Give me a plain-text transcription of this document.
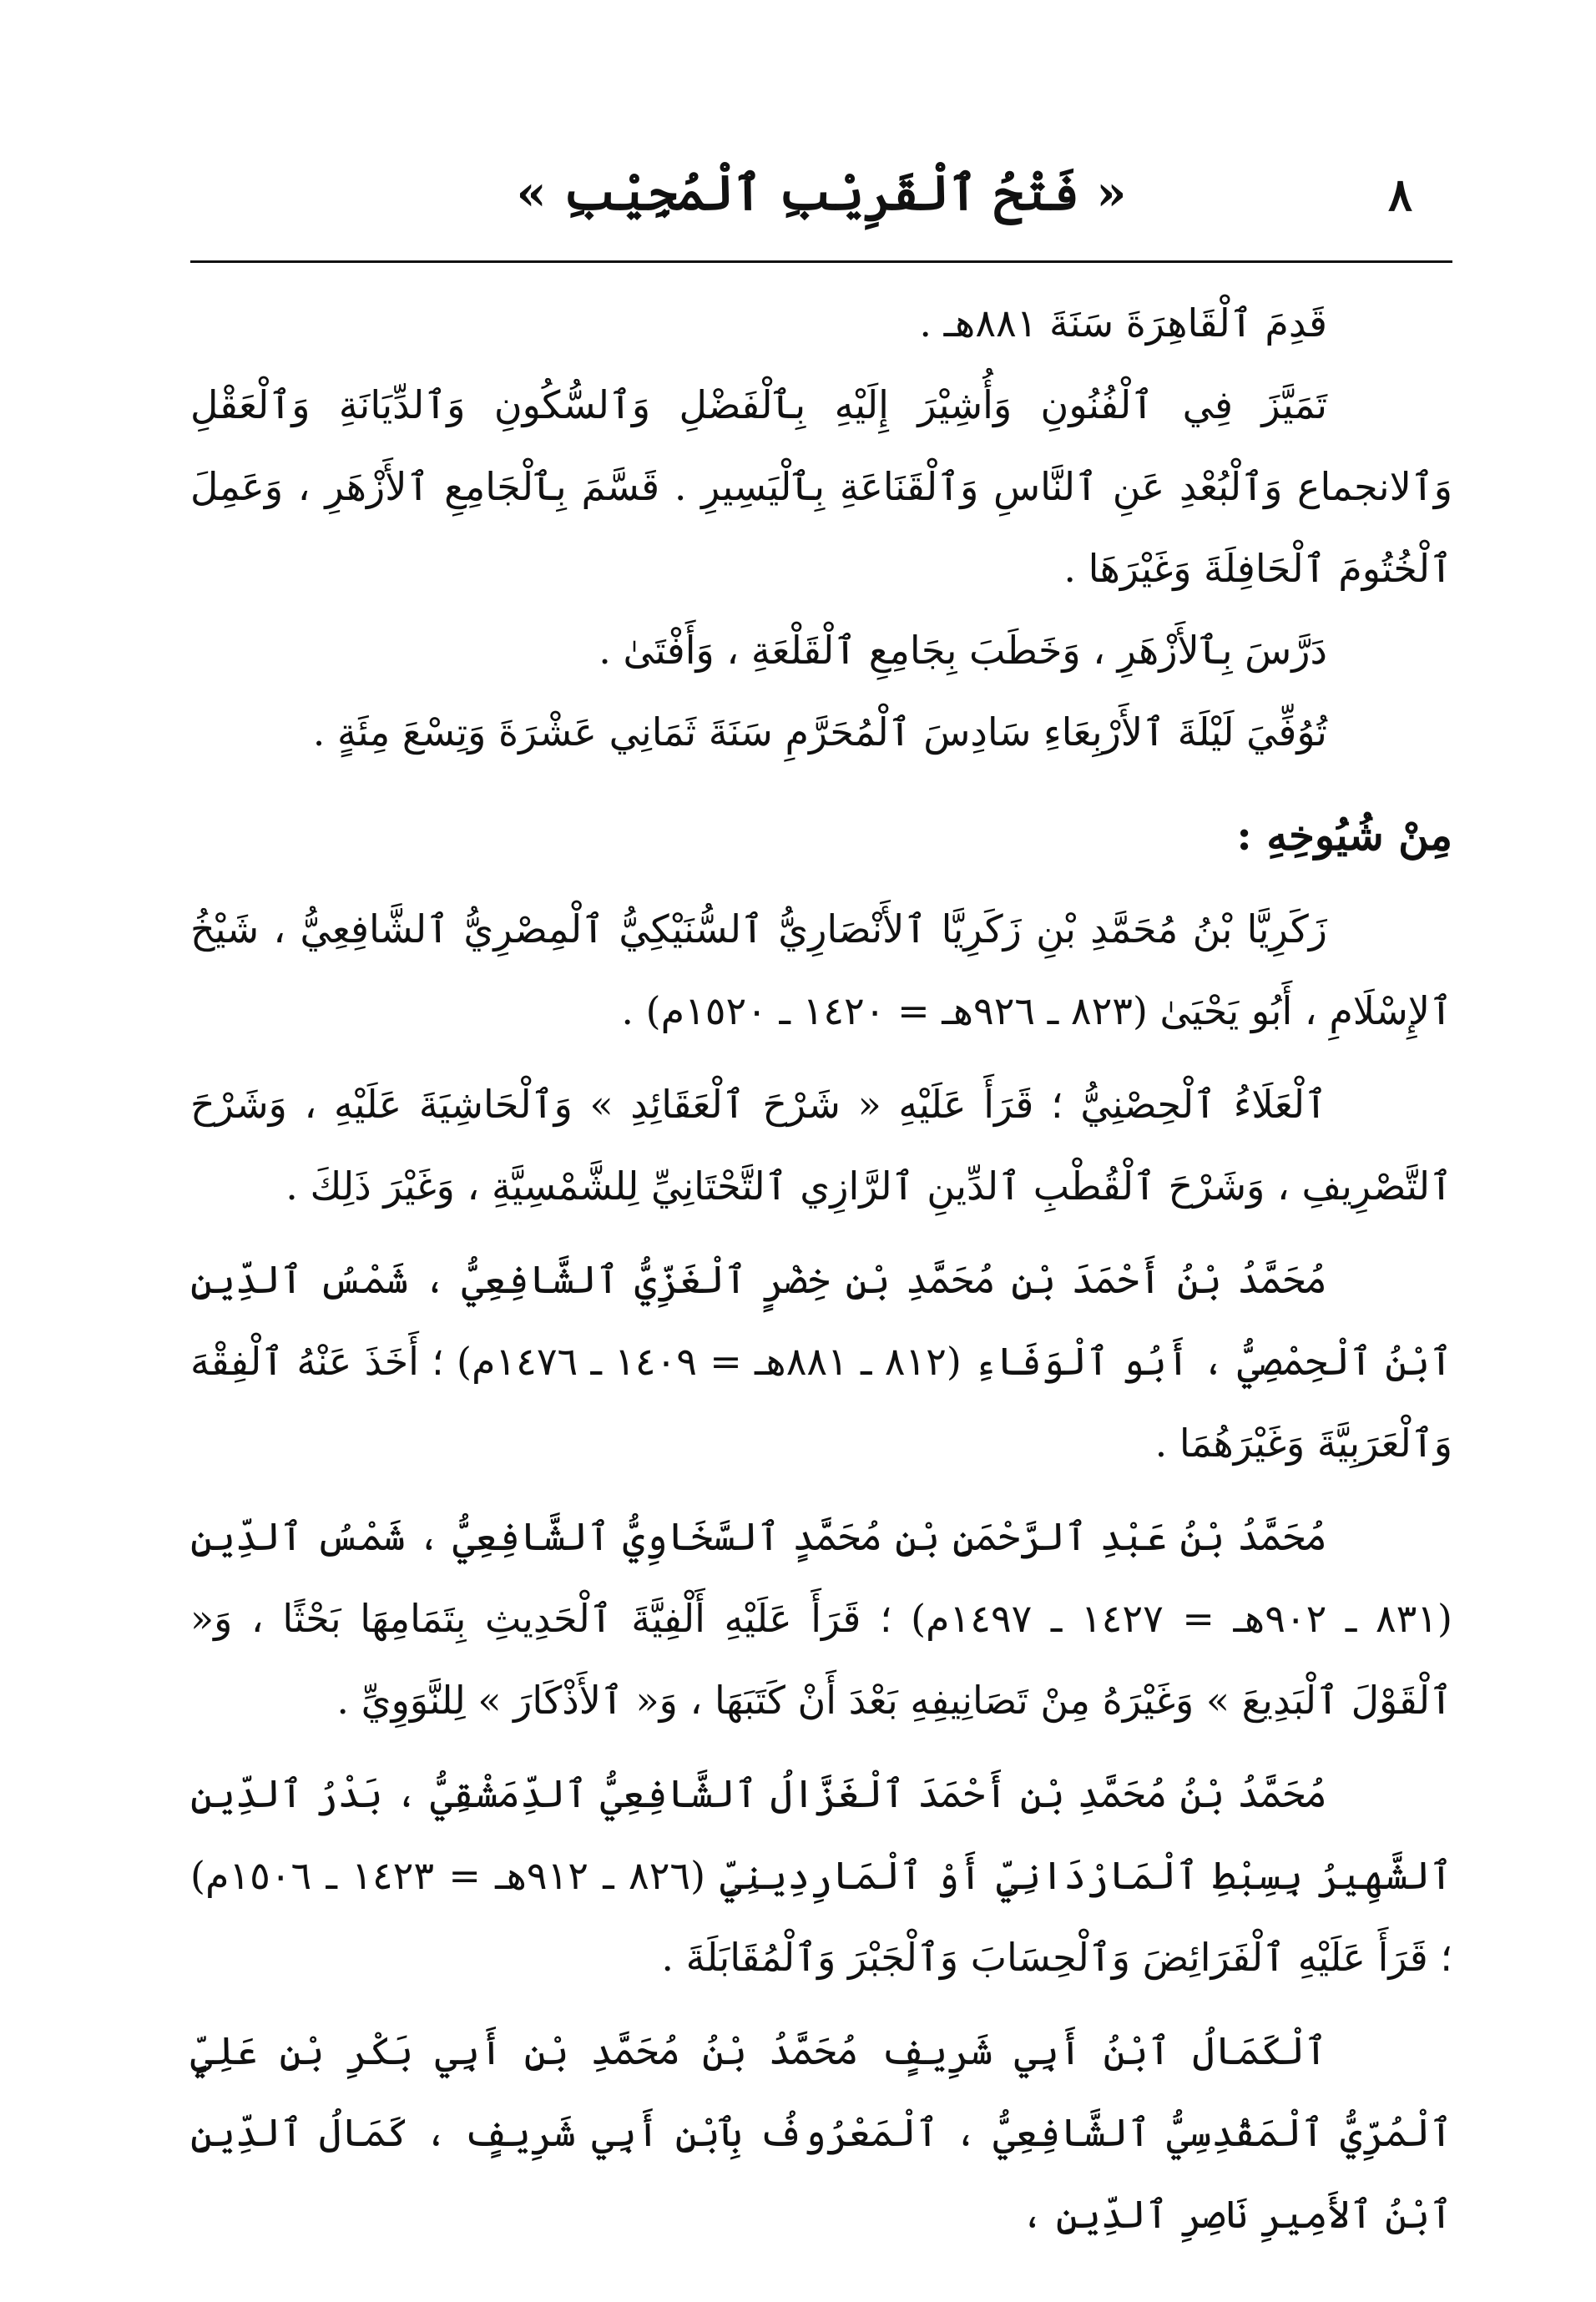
٨
« فَتْحُ ٱلْقَرِيْبِ ٱلْمُجِيْبِ »

قَدِمَ ٱلْقَاهِرَةَ سَنَةَ ٨٨١هـ .

تَمَيَّزَ فِي ٱلْفُنُونِ وَأُشِيْرَ إِلَيْهِ بِٱلْفَضْلِ وَٱلسُّكُونِ وَٱلدِّيَانَةِ وَٱلْعَقْلِ وَٱلانجماع وَٱلْبُعْدِ عَنِ ٱلنَّاسِ وَٱلْقَنَاعَةِ بِٱلْيَسِيرِ . قَسَّمَ بِٱلْجَامِعِ ٱلأَزْهَرِ ، وَعَمِلَ ٱلْخُتُومَ ٱلْحَافِلَةَ وَغَيْرَهَا .

دَرَّسَ بِٱلأَزْهَرِ ، وَخَطَبَ بِجَامِعِ ٱلْقَلْعَةِ ، وَأَفْتَىٰ .

تُوُفِّيَ لَيْلَةَ ٱلأَرْبِعَاءِ سَادِسَ ٱلْمُحَرَّمِ سَنَةَ ثَمَانِي عَشْرَةَ وَتِسْعَ مِئَةٍ .

مِنْ شُيُوخِهِ :

زَكَرِيَّا بْنُ مُحَمَّدِ بْنِ زَكَرِيَّا ٱلأَنْصَارِيُّ ٱلسُّنَيْكِيُّ ٱلْمِصْرِيُّ ٱلشَّافِعِيُّ ، شَيْخُ ٱلإِسْلَامِ ، أَبُو يَحْيَىٰ (٨٢٣ ـ ٩٢٦هـ = ١٤٢٠ ـ ١٥٢٠م) .

ٱلْعَلَاءُ ٱلْحِصْنِيُّ ؛ قَرَأَ عَلَيْهِ « شَرْحَ ٱلْعَقَائِدِ » وَٱلْحَاشِيَةَ عَلَيْهِ ، وَشَرْحَ ٱلتَّصْرِيفِ ، وَشَرْحَ ٱلْقُطْبِ ٱلدِّينِ ٱلرَّازِي ٱلتَّحْتَانِيِّ لِلشَّمْسِيَّةِ ، وَغَيْرَ ذَلِكَ .

مُحَمَّدُ بْنُ أَحْمَدَ بْنِ مُحَمَّدِ بْنِ خِضْرٍ ٱلْغَزِّيُّ ٱلشَّافِعِيُّ ، شَمْسُ ٱلدِّينِ ٱبْنُ ٱلْحِمْصِيُّ ، أَبُو ٱلْوَفَاءِ (٨١٢ ـ ٨٨١هـ = ١٤٠٩ ـ ١٤٧٦م) ؛ أَخَذَ عَنْهُ ٱلْفِقْهَ وَٱلْعَرَبِيَّةَ وَغَيْرَهُمَا .

مُحَمَّدُ بْنُ عَبْدِ ٱلرَّحْمَنِ بْنِ مُحَمَّدٍ ٱلسَّخَاوِيُّ ٱلشَّافِعِيُّ ، شَمْسُ ٱلدِّينِ (٨٣١ ـ ٩٠٢هـ = ١٤٢٧ ـ ١٤٩٧م) ؛ قَرَأَ عَلَيْهِ أَلْفِيَّةَ ٱلْحَدِيثِ بِتَمَامِهَا بَحْثًا ، وَ« ٱلْقَوْلَ ٱلْبَدِيعَ » وَغَيْرَهُ مِنْ تَصَانِيفِهِ بَعْدَ أَنْ كَتَبَهَا ، وَ« ٱلأَذْكَارَ » لِلنَّوَوِيِّ .

مُحَمَّدُ بْنُ مُحَمَّدِ بْنِ أَحْمَدَ ٱلْغَزَّالُ ٱلشَّافِعِيُّ ٱلدِّمَشْقِيُّ ، بَدْرُ ٱلدِّينِ ٱلشَّهِيرُ بِسِبْطِ ٱلْمَارْدَانِيِّ أَوْ ٱلْمَارِدِينِيِّ (٨٢٦ ـ ٩١٢هـ = ١٤٢٣ ـ ١٥٠٦م) ؛ قَرَأَ عَلَيْهِ ٱلْفَرَائِضَ وَٱلْحِسَابَ وَٱلْجَبْرَ وَٱلْمُقَابَلَةَ .

ٱلْكَمَالُ ٱبْنُ أَبِي شَرِيفٍ مُحَمَّدُ بْنُ مُحَمَّدِ بْنِ أَبِي بَكْرِ بْنِ عَلِيٍّ ٱلْمُرِّيُّ ٱلْمَقْدِسِيُّ ٱلشَّافِعِيُّ ، ٱلْمَعْرُوفُ بِٱبْنِ أَبِي شَرِيفٍ ، كَمَالُ ٱلدِّينِ ٱبْنُ ٱلأَمِيرِ نَاصِرِ ٱلدِّينِ ،
